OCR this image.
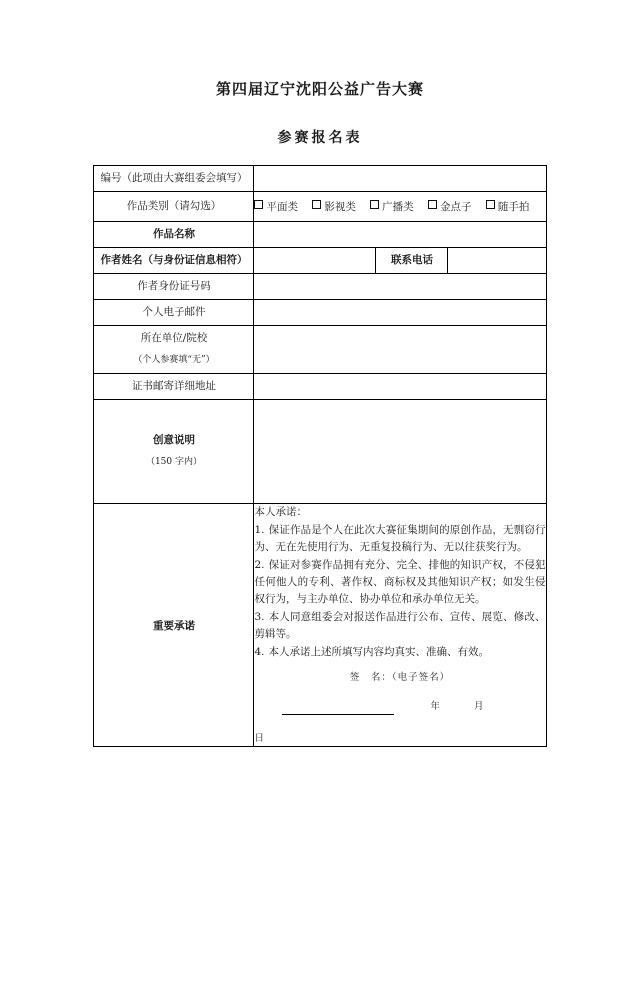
第四届辽宁沈阳公益广告大赛
参赛报名表
编号（此项由大赛组委会填写）			
作品类别（请勾选）	平面类 影视类 广播类 金点子 随手拍		
作品名称			
作者姓名（与身份证信息相符）		联系电话	
作者身份证号码			
个人电子邮件			
所在单位/院校
（个人参赛填“无”）			

证书邮寄详细地址			
创意说明
（150 字内）			

重要承诺	

本人承诺：

1. 保证作品是个人在此次大赛征集期间的原创作品，无剽窃行为、无在先使用行为、无重复投稿行为、无以往获奖行为。

2. 保证对参赛作品拥有充分、完全、排他的知识产权，不侵犯任何他人的专利、著作权、商标权及其他知识产权；如发生侵权行为，与主办单位、协办单位和承办单位无关。

3. 本人同意组委会对报送作品进行公布、宣传、展览、修改、剪辑等。

4. 本人承诺上述所填写内容均真实、准确、有效。

签　名：（电子签名）
年	月
日
